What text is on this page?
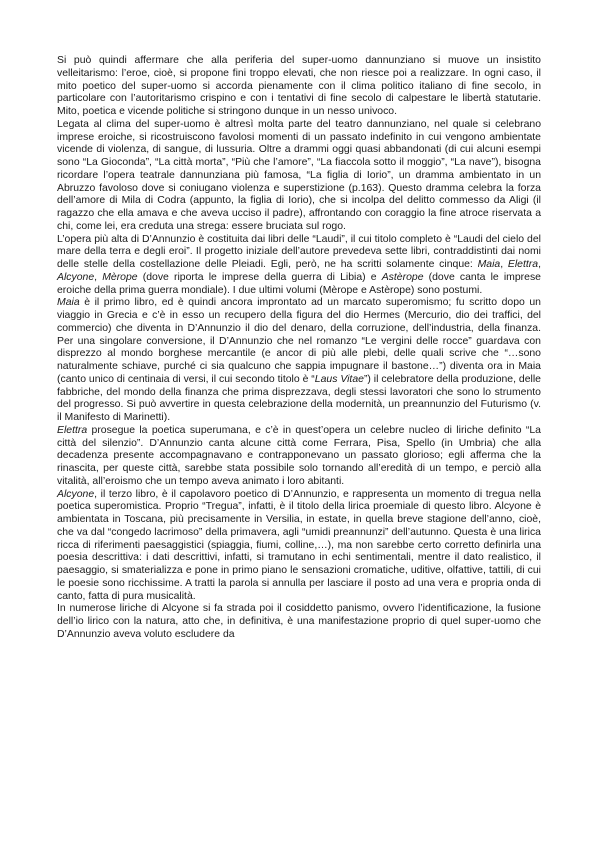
Si può quindi affermare che alla periferia del super-uomo dannunziano si muove un insistito velleitarismo: l’eroe, cioè, si propone fini troppo elevati, che non riesce poi a realizzare. In ogni caso, il mito poetico del super-uomo si accorda pienamente con il clima politico italiano di fine secolo, in particolare con l’autoritarismo crispino e con i tentativi di fine secolo di calpestare le libertà statutarie. Mito, poetica e vicende politiche si stringono dunque in un nesso univoco.

Legata al clima del super-uomo è altresì molta parte del teatro dannunziano, nel quale si celebrano imprese eroiche, si ricostruiscono favolosi momenti di un passato indefinito in cui vengono ambientate vicende di violenza, di sangue, di lussuria. Oltre a drammi oggi quasi abbandonati (di cui alcuni esempi sono “La Gioconda”, “La città morta”, “Più che l’amore”, “La fiaccola sotto il moggio”, “La nave”), bisogna ricordare l’opera teatrale dannunziana più famosa, “La figlia di Iorio”, un dramma ambientato in un Abruzzo favoloso dove si coniugano violenza e superstizione (p.163). Questo dramma celebra la forza dell’amore di Mila di Codra (appunto, la figlia di Iorio), che si incolpa del delitto commesso da Aligi (il ragazzo che ella amava e che aveva ucciso il padre), affrontando con coraggio la fine atroce riservata a chi, come lei, era creduta una strega: essere bruciata sul rogo.

L’opera più alta di D’Annunzio è costituita dai libri delle “Laudi”, il cui titolo completo è “Laudi del cielo del mare della terra e degli eroi”. Il progetto iniziale dell’autore prevedeva sette libri, contraddistinti dai nomi delle stelle della costellazione delle Pleiadi. Egli, però, ne ha scritti solamente cinque: Maia, Elettra, Alcyone, Mèrope (dove riporta le imprese della guerra di Libia) e Astèrope (dove canta le imprese eroiche della prima guerra mondiale). I due ultimi volumi (Mèrope e Astèrope) sono postumi.

Maia è il primo libro, ed è quindi ancora improntato ad un marcato superomismo; fu scritto dopo un viaggio in Grecia e c’è in esso un recupero della figura del dio Hermes (Mercurio, dio dei traffici, del commercio) che diventa in D’Annunzio il dio del denaro, della corruzione, dell’industria, della finanza. Per una singolare conversione, il D’Annunzio che nel romanzo “Le vergini delle rocce” guardava con disprezzo al mondo borghese mercantile (e ancor di più alle plebi, delle quali scrive che “…sono naturalmente schiave, purché ci sia qualcuno che sappia impugnare il bastone…”) diventa ora in Maia (canto unico di centinaia di versi, il cui secondo titolo è “Laus Vitae”) il celebratore della produzione, delle fabbriche, del mondo della finanza che prima disprezzava, degli stessi lavoratori che sono lo strumento del progresso. Si può avvertire in questa celebrazione della modernità, un preannunzio del Futurismo (v. il Manifesto di Marinetti).

Elettra prosegue la poetica superumana, e c’è in quest’opera un celebre nucleo di liriche definito “La città del silenzio”. D’Annunzio canta alcune città come Ferrara, Pisa, Spello (in Umbria) che alla decadenza presente accompagnavano e contrapponevano un passato glorioso; egli afferma che la rinascita, per queste città, sarebbe stata possibile solo tornando all’eredità di un tempo, e perciò alla vitalità, all’eroismo che un tempo aveva animato i loro abitanti.

Alcyone, il terzo libro, è il capolavoro poetico di D’Annunzio, e rappresenta un momento di tregua nella poetica superomistica. Proprio “Tregua”, infatti, è il titolo della lirica proemiale di questo libro. Alcyone è ambientata in Toscana, più precisamente in Versilia, in estate, in quella breve stagione dell’anno, cioè, che va dal “congedo lacrimoso” della primavera, agli “umidi preannunzi” dell’autunno. Questa è una lirica ricca di riferimenti paesaggistici (spiaggia, fiumi, colline,…), ma non sarebbe certo corretto definirla una poesia descrittiva: i dati descrittivi, infatti, si tramutano in echi sentimentali, mentre il dato realistico, il paesaggio, si smaterializza e pone in primo piano le sensazioni cromatiche, uditive, olfattive, tattili, di cui le poesie sono ricchissime. A tratti la parola si annulla per lasciare il posto ad una vera e propria onda di canto, fatta di pura musicalità.

In numerose liriche di Alcyone si fa strada poi il cosiddetto panismo, ovvero l’identificazione, la fusione dell’io lirico con la natura, atto che, in definitiva, è una manifestazione proprio di quel super-uomo che D’Annunzio aveva voluto escludere da
